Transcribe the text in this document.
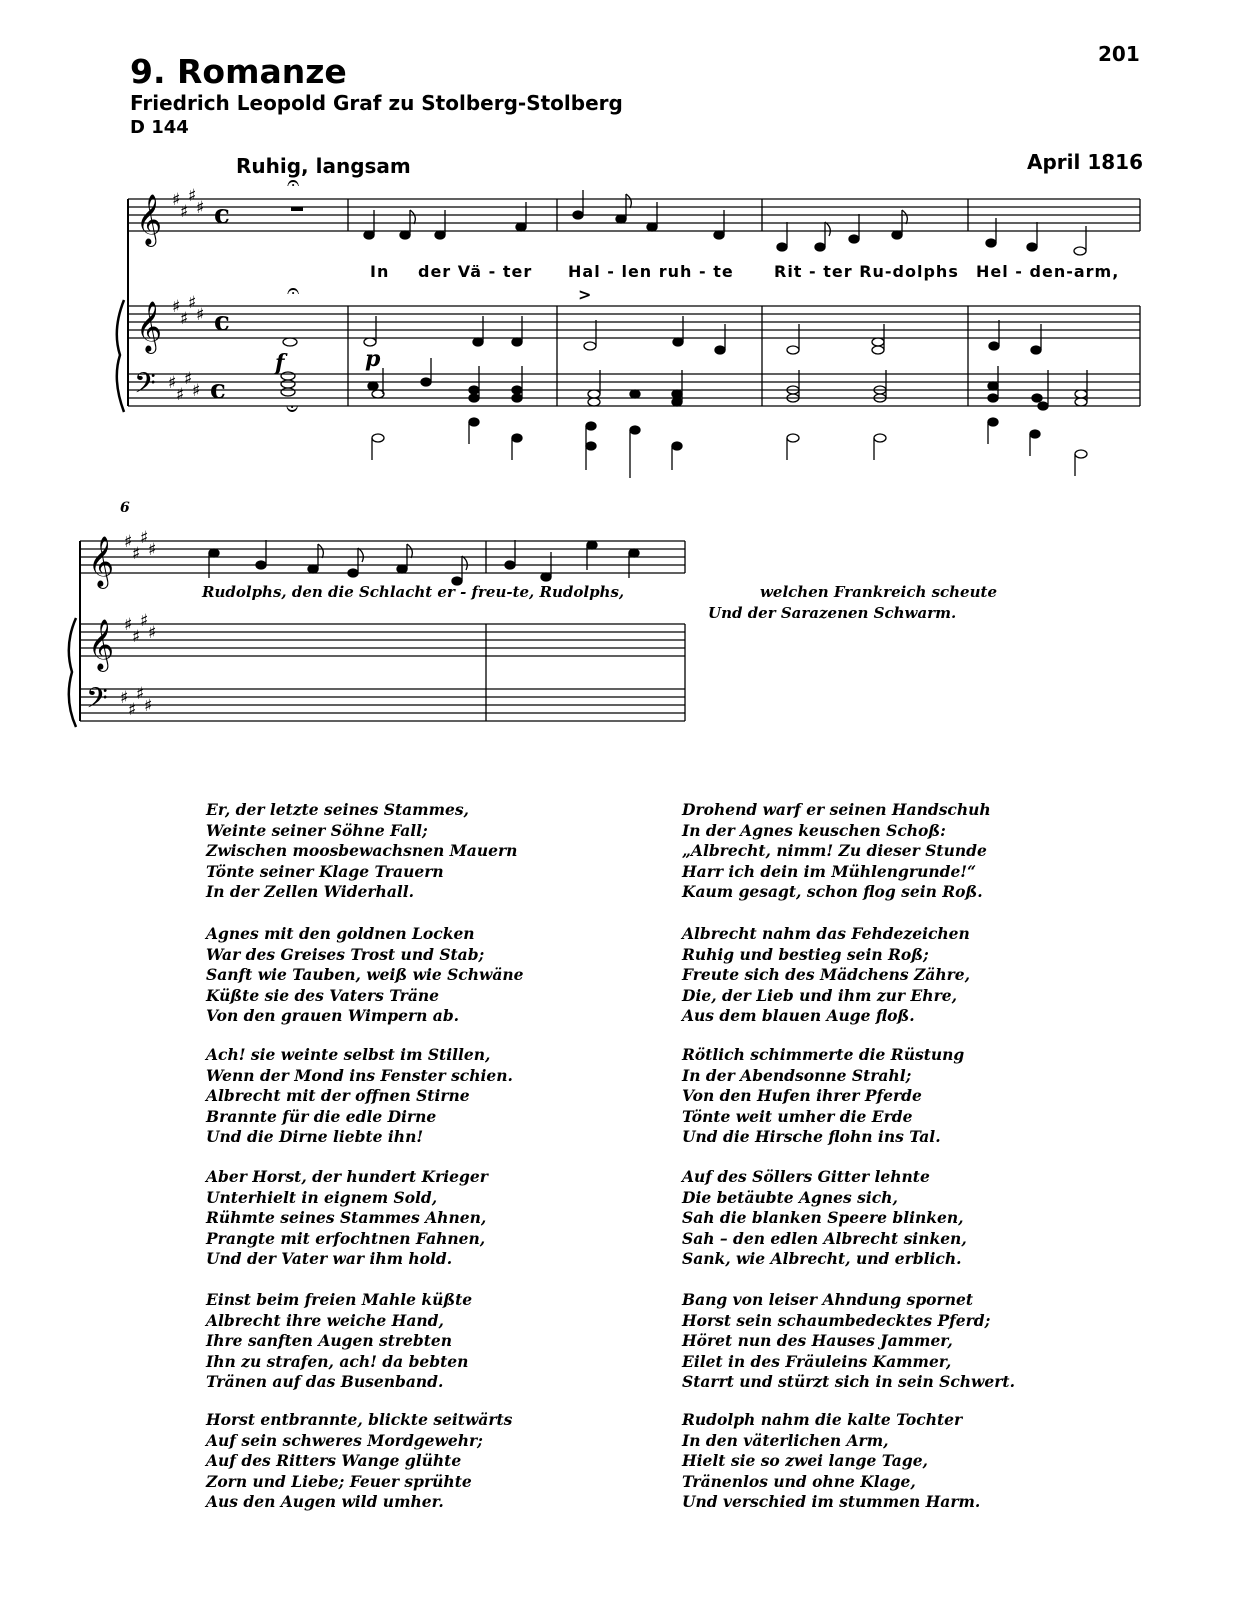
9. Romanze
Friedrich Leopold Graf zu Stolberg-Stolberg
D 144
201
Ruhig, langsam	April 1816
𝄞
𝄞
𝄢
𝄞
𝄞
𝄢
♯
♯
♯
♯
♯
♯
♯
♯
♯
♯
♯
♯
♯
♯
♯
♯
♯
♯
♯
♯
♯
♯
♯
♯
c
c
c
𝄐
𝄐
𝄑
>
f	p
6
In der Vä - ter Hal - len ruh - te	Rit - ter Ru-dolphs Hel - den-arm,
Rudolphs, den die Schlacht er - freu-te, Rudolphs,	welchen Frankreich scheute
Und der Sarazenen Schwarm.
Er, der letzte seines Stammes,
Weinte seiner Söhne Fall;
Zwischen moosbewachsnen Mauern
Tönte seiner Klage Trauern
In der Zellen Widerhall.
Agnes mit den goldnen Locken
War des Greises Trost und Stab;
Sanft wie Tauben, weiß wie Schwäne
Küßte sie des Vaters Träne
Von den grauen Wimpern ab.
Ach! sie weinte selbst im Stillen,
Wenn der Mond ins Fenster schien.
Albrecht mit der offnen Stirne
Brannte für die edle Dirne
Und die Dirne liebte ihn!
Aber Horst, der hundert Krieger
Unterhielt in eignem Sold,
Rühmte seines Stammes Ahnen,
Prangte mit erfochtnen Fahnen,
Und der Vater war ihm hold.
Einst beim freien Mahle küßte
Albrecht ihre weiche Hand,
Ihre sanften Augen strebten
Ihn zu strafen, ach! da bebten
Tränen auf das Busenband.
Horst entbrannte, blickte seitwärts
Auf sein schweres Mordgewehr;
Auf des Ritters Wange glühte
Zorn und Liebe; Feuer sprühte
Aus den Augen wild umher.
Drohend warf er seinen Handschuh
In der Agnes keuschen Schoß:
„Albrecht, nimm! Zu dieser Stunde
Harr ich dein im Mühlengrunde!“
Kaum gesagt, schon flog sein Roß.
Albrecht nahm das Fehdezeichen
Ruhig und bestieg sein Roß;
Freute sich des Mädchens Zähre,
Die, der Lieb und ihm zur Ehre,
Aus dem blauen Auge floß.
Rötlich schimmerte die Rüstung
In der Abendsonne Strahl;
Von den Hufen ihrer Pferde
Tönte weit umher die Erde
Und die Hirsche flohn ins Tal.
Auf des Söllers Gitter lehnte
Die betäubte Agnes sich,
Sah die blanken Speere blinken,
Sah – den edlen Albrecht sinken,
Sank, wie Albrecht, und erblich.
Bang von leiser Ahndung spornet
Horst sein schaumbedecktes Pferd;
Höret nun des Hauses Jammer,
Eilet in des Fräuleins Kammer,
Starrt und stürzt sich in sein Schwert.
Rudolph nahm die kalte Tochter
In den väterlichen Arm,
Hielt sie so zwei lange Tage,
Tränenlos und ohne Klage,
Und verschied im stummen Harm.
